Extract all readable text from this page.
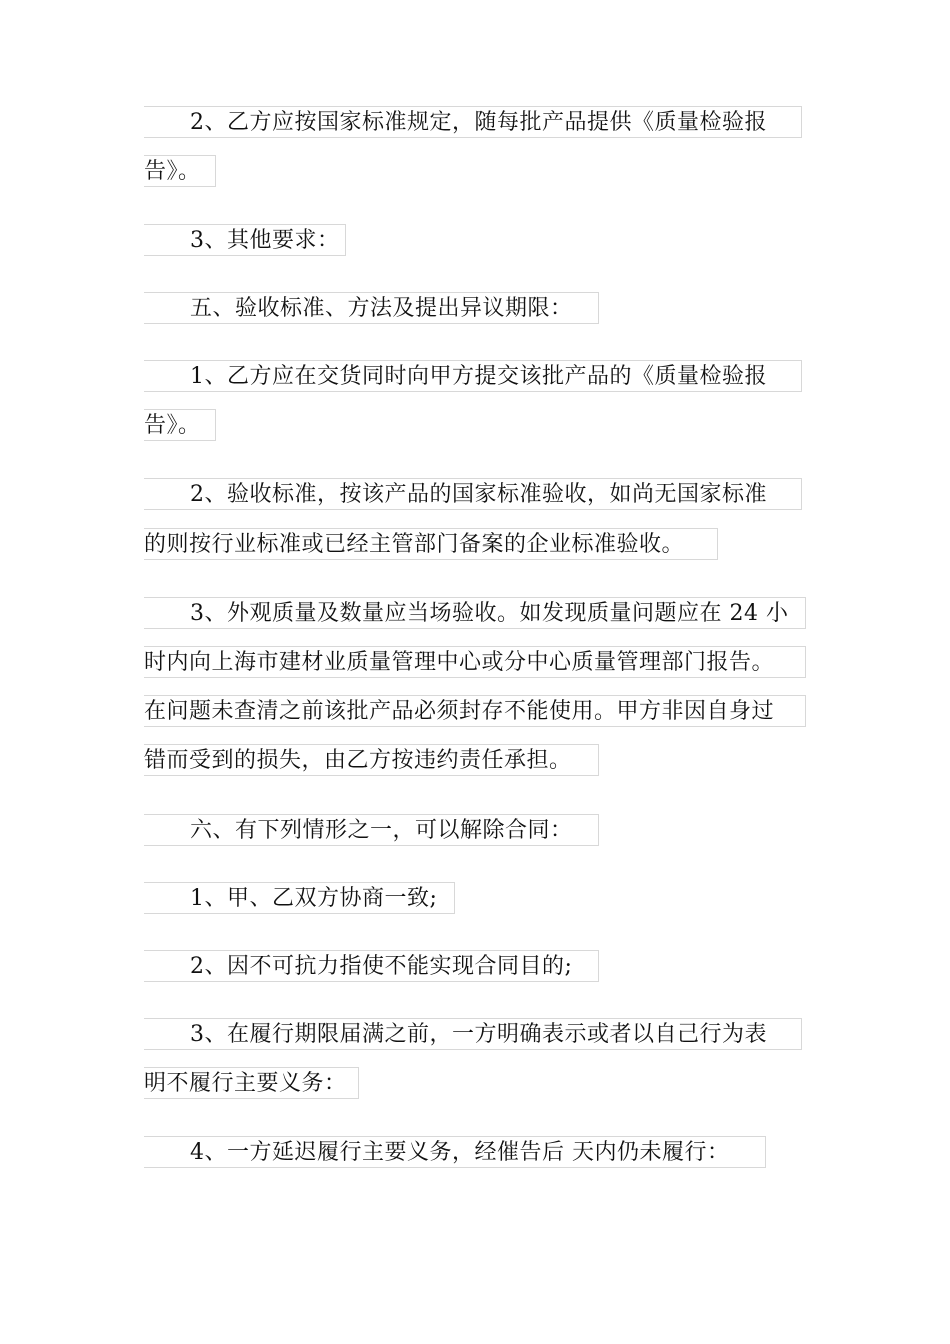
2、乙方应按国家标准规定，随每批产品提供《质量检验报
告》。
3、其他要求：
五、验收标准、方法及提出异议期限：
1、乙方应在交货同时向甲方提交该批产品的《质量检验报
告》。
2、验收标准，按该产品的国家标准验收，如尚无国家标准
的则按行业标准或已经主管部门备案的企业标准验收。
3、外观质量及数量应当场验收。如发现质量问题应在 24 小
时内向上海市建材业质量管理中心或分中心质量管理部门报告。
在问题未查清之前该批产品必须封存不能使用。甲方非因自身过
错而受到的损失，由乙方按违约责任承担。
六、有下列情形之一，可以解除合同：
1、甲、乙双方协商一致;
2、因不可抗力指使不能实现合同目的;
3、在履行期限届满之前，一方明确表示或者以自己行为表
明不履行主要义务：
4、一方延迟履行主要义务，经催告后 天内仍未履行：
